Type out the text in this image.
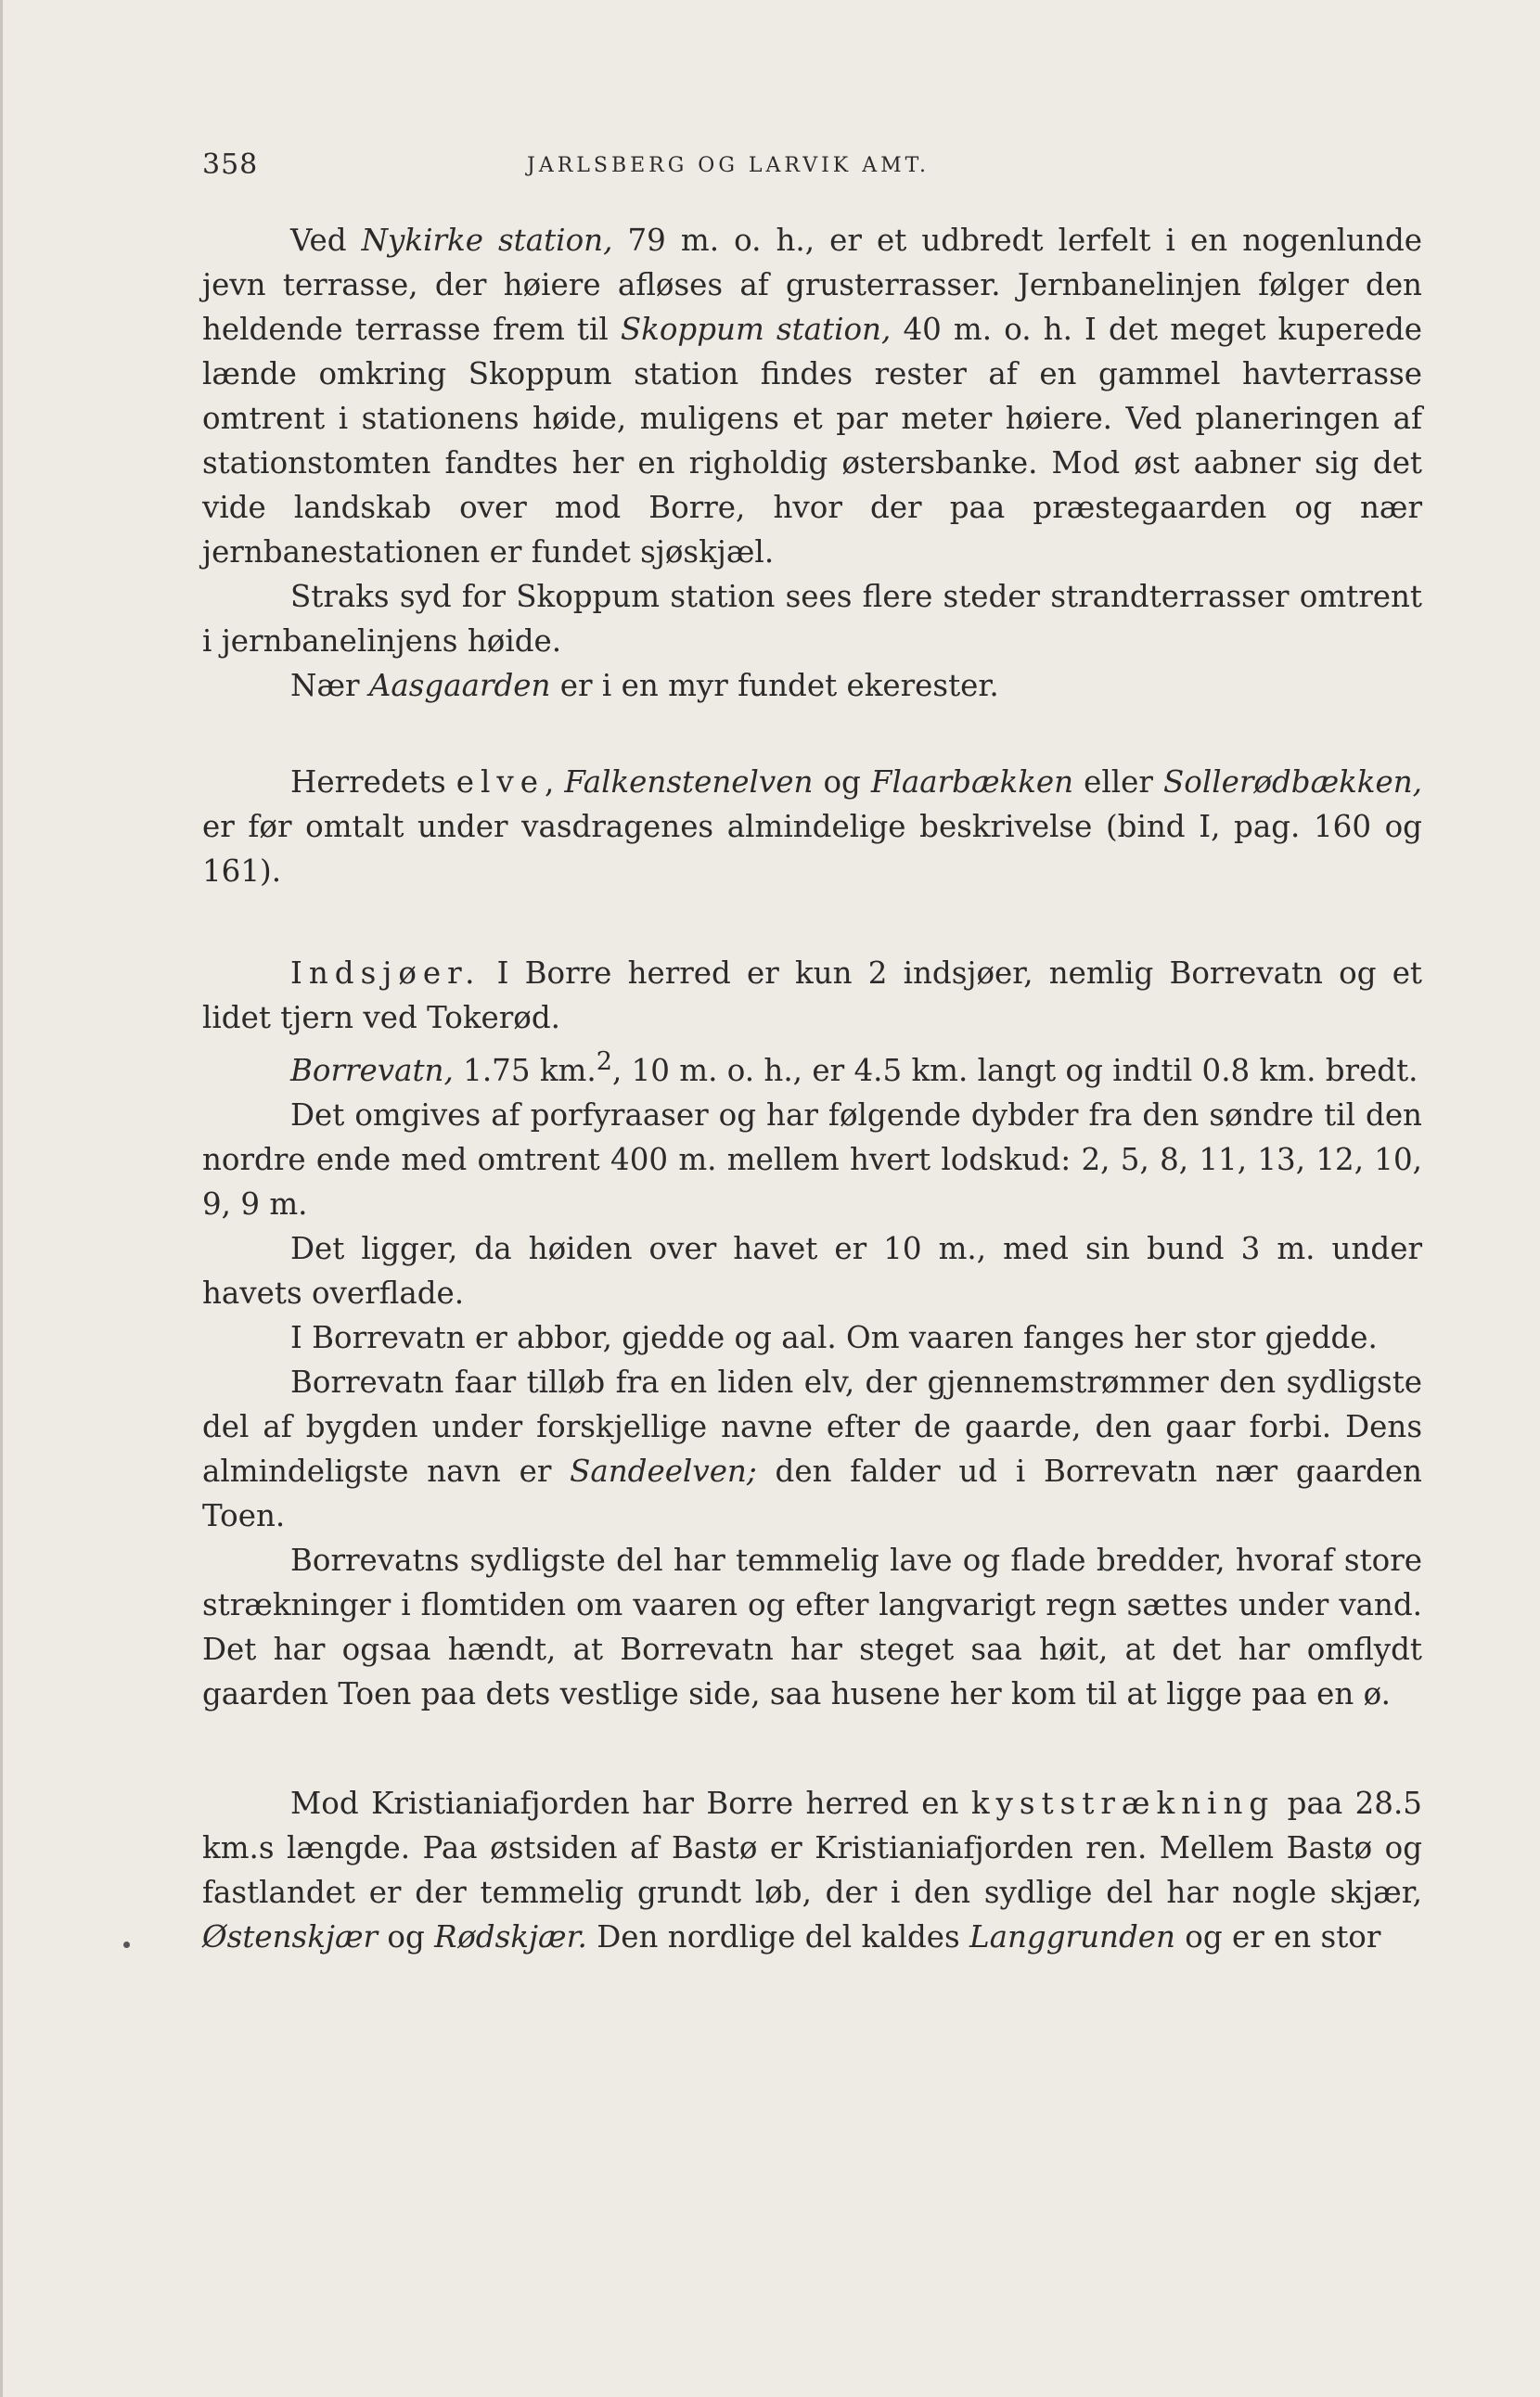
358	JARLSBERG OG LARVIK AMT.

Ved Nykirke station, 79 m. o. h., er et udbredt lerfelt i en nogenlunde jevn terrasse, der høiere afløses af grusterrasser. Jernbanelinjen følger den heldende terrasse frem til Skoppum station, 40 m. o. h. I det meget kuperede lænde omkring Skoppum station findes rester af en gammel havterrasse omtrent i stationens høide, muligens et par meter høiere. Ved planeringen af stationstomten fandtes her en righoldig østersbanke. Mod øst aabner sig det vide landskab over mod Borre, hvor der paa præstegaarden og nær jernbanestationen er fundet sjøskjæl.

Straks syd for Skoppum station sees flere steder strandterrasser omtrent i jernbanelinjens høide.

Nær Aasgaarden er i en myr fundet ekerester.

Herredets elve, Falkenstenelven og Flaarbækken eller Sollerødbækken, er før omtalt under vasdragenes almindelige beskrivelse (bind I, pag. 160 og 161).

Indsjøer. I Borre herred er kun 2 indsjøer, nemlig Borrevatn og et lidet tjern ved Tokerød.

Borrevatn, 1.75 km.$^2$, 10 m. o. h., er 4.5 km. langt og indtil 0.8 km. bredt.

Det omgives af porfyraaser og har følgende dybder fra den søndre til den nordre ende med omtrent 400 m. mellem hvert lodskud: 2, 5, 8, 11, 13, 12, 10, 9, 9 m.

Det ligger, da høiden over havet er 10 m., med sin bund 3 m. under havets overflade.

I Borrevatn er abbor, gjedde og aal. Om vaaren fanges her stor gjedde.

Borrevatn faar tilløb fra en liden elv, der gjennemstrømmer den sydligste del af bygden under forskjellige navne efter de gaarde, den gaar forbi. Dens almindeligste navn er Sandeelven; den falder ud i Borrevatn nær gaarden Toen.

Borrevatns sydligste del har temmelig lave og flade bredder, hvoraf store strækninger i flomtiden om vaaren og efter langvarigt regn sættes under vand. Det har ogsaa hændt, at Borrevatn har steget saa høit, at det har omflydt gaarden Toen paa dets vestlige side, saa husene her kom til at ligge paa en ø.

Mod Kristianiafjorden har Borre herred en kyststrækning paa 28.5 km.s længde. Paa østsiden af Bastø er Kristianiafjorden ren. Mellem Bastø og fastlandet er der temmelig grundt løb, der i den sydlige del har nogle skjær, Østenskjær og Rødskjær. Den nordlige del kaldes Langgrunden og er en stor
